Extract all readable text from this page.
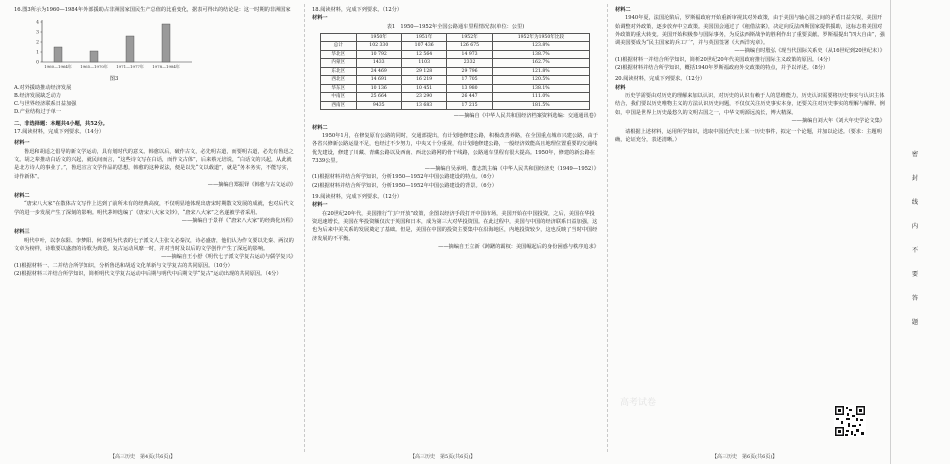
16.图3所示为1960—1984年外部援助占非洲国家国民生产总值的比重变化，据表可得出的结论是：这一时期的非洲国家

4
3
2
1
0
1960—1964年 1965—1970年 1971—1977年 1978—1984年

图3

A.对外援助推动经济发展

B.经济发展缺乏动力

C.与世界经济联系日益加强

D.产业结构过于单一

二、非选择题：本题共4小题，共52分。

17.阅读材料，完成下列要求。（14分）

材料一

鲁迅和胡适之倡导的新文学运动，具有划时代的意义。韩愈以后，破作古文，必先明古道，而要明古道，必先有鲁迅之文。胡之辈推动白话文的兴起，就民间而言，“这些诗文写在白话，而作文古体”，后来蔡元培说，“白话文的兴起，从此就是北方诗人的事业了。”，鲁迅宣言文学作品的思想，韩愈的这种说法，便是以先“文以载道”，就是“务本务实，不能写实，诗作新体”。

——摘编自郑振铎《韩愈与古文运动》

材料二

“唐宋八大家”在散体古文写作上达到了前所未有的经典高度，不仅明显地体现出唐宋时期散文发展的成就，也对后代文学的进一步发展产生了深刻的影响。明代茅坤选编了《唐宋八大家文钞》，“唐宋八大家”之名遂被学者采用。

——摘编自于景祥《“唐宋八大家”的经典化历程》

材料三

明代中叶，以李东阳、李梦阳、何景明为代表的七子派文人主张文必秦汉，诗必盛唐，他们认为作文要以先秦、两汉的文章为榜样，诗歌要以盛唐的诗歌为典范。复古运动风靡一时，并对当时及以后的文学创作产生了深远的影响。

——摘编自王小舒《明代七子派文学复古运动与儒学复兴》

(1)根据材料一、二并结合所学知识，分析鲁迅和胡适文化革新与文学复古的共同原因。（10分）

(2)根据材料三并结合所学知识，简析明代文学复古运动中后期与明代中后期文学“复古”运动出现的共同原因。（4分）

【高三历史　第4页(共6页)】

18.阅读材料，完成下列要求。（12分）

材料一

表1　1950—1952年全国公路通车里程情况表(单位：公里)

	1950年	1951年	1952年	1952年为1950年比较
总计	102 330	107 436	126 675	123.8%
华北区	10 792	12 564	14 973	138.7%
内蒙区	1433	1103	2332	162.7%
东北区	24 469	29 128	29 796	121.8%
西北区	14 691	16 219	17 705	120.5%
华东区	10 136	10 451	13 980	138.1%
中南区	25 664	23 290	26 447	111.0%
西南区	9435	13 683	17 215	181.5%

——摘编自《中华人民共和国经济档案资料选编：交通通讯卷》

材料二

1950年1月，在修复原有公路的同时，交通部提出，有计划地修建公路，积极改善养路，在全国重点城市兴建公路，由于各省兴修新公路运量不足，也经过不少努力，中央又十分重视，有计划地修建公路，一般经济效能高且地理位置重要的交通线优先建设，修建了川藏、青藏公路以及西南、西北公路网的骨干线路，公路通车里程有很大提高。1950年，修建的新公路在7339公里。

——摘编自吴承明、董志凯主编《中华人民共和国经济史（1949—1952）》

(1)根据材料并结合所学知识，分析1950—1952年中国公路建设的特点。（6分）

(2)根据材料并结合所学知识，分析1950—1952年中国公路建设的背景。（6分）

19.阅读材料，完成下列要求。（12分）

材料一

在20世纪20年代，美国推行“门户开放”政策，企图以经济手段打开中国市场，美国开始在中国投资，之后，美国在华投资迅速增长，美国在华投资额仅次于英国和日本，成为第三大对华投资国。在此过程中，美国与中国的经济联系日益加强，这也为后来中美关系的发展奠定了基础。但是，美国在中国的投资主要集中在沿海地区，内地投资较少，这也反映了当时中国经济发展的不平衡。

——摘编自王立新《踌躇的霸权：美国崛起后的身份困惑与秩序追求》

【高三历史　第5页(共6页)】

材料二

1940年夏，法国沦陷后，罗斯福政府开始重新审视其对外政策，由于美国与轴心国之间的矛盾日益尖锐，美国开始调整对外政策，逐步放弃中立政策。美国国会通过了《租借法案》，决定向反法西斯国家提供援助，这标志着美国对外政策的重大转变。美国开始积极参与国际事务，为反法西斯战争的胜利作出了重要贡献。罗斯福提出“四大自由”，强调美国要成为“民主国家的兵工厂”，并与英国签署《大西洋宪章》。

——摘编自时殷弘《现当代国际关系史（从16世纪到20世纪末）》

(1)根据材料一并结合所学知识，简析20世纪20年代美国政府推行国际主义政策的原因。（4分）

(2)根据材料并结合所学知识，概括1940年罗斯福政府外交政策的特点，并予以评述。（8分）

20.阅读材料，完成下列要求。（12分）

材料

历史学需要由对历史的理解来加以认识，对历史的认识有赖于人的思维能力，历史认识需要将历史事实与认识主体结合，我们要以历史唯物主义的方法认识历史问题，不仅仅关注历史事实本身，还要关注对历史事实的理解与解释。例如，中国是世界上历史最悠久的文明古国之一，中华文明源远流长，博大精深。

——摘编自刘大年《刘大年史学论文集》

请根据上述材料，运用所学知识，选取中国近代史上某一历史事件，拟定一个论题，并加以论述。（要求：主题明确，论证充分，表述清晰。）

【高三历史　第6页(共6页)】
高考试卷
密
封
线
内
不
要
答
题
